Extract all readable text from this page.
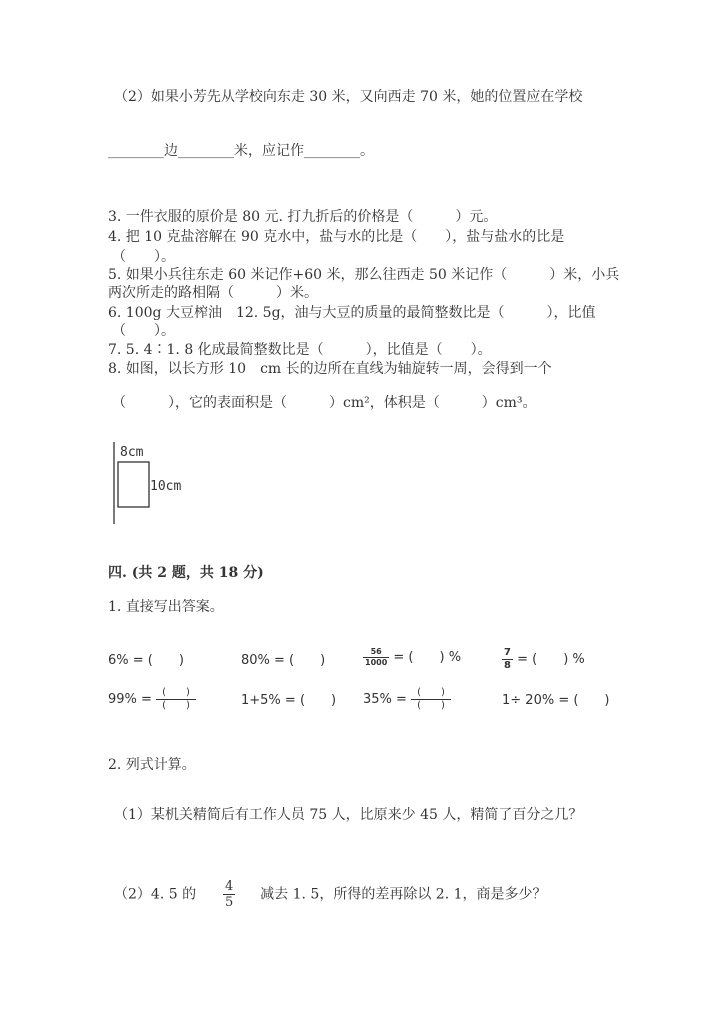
（2）如果小芳先从学校向东走 30 米，又向西走 70 米，她的位置应在学校
________边________米，应记作________。
3. 一件衣服的原价是 80 元. 打九折后的价格是（　　　）元。
4. 把 10 克盐溶解在 90 克水中，盐与水的比是（　　），盐与盐水的比是
（　　）。
5. 如果小兵往东走 60 米记作+60 米，那么往西走 50 米记作（　　　）米，小兵
两次所走的路相隔（　　　）米。
6. 100g 大豆榨油　12. 5g，油与大豆的质量的最简整数比是（　　　），比值
（　　）。
7. 5. 4∶1. 8 化成最简整数比是（　　　），比值是（　　）。
8. 如图，以长方形 10　cm 长的边所在直线为轴旋转一周，会得到一个
（　　　），它的表面积是（　　　）cm²，体积是（　　　）cm³。
8cm
10cm
四. (共 2 题，共 18 分)
1. 直接写出答案。
6% = (　　)	80% = (　　)	$\frac{56}{1000}$ = (　　) %	$\frac{7}{8}$ = (　　) %
$99\% = \frac{( )}{( )}$	1+5% = (　　) $35\% = \frac{( )}{( )}$	1÷ 20% = (　　)
2. 列式计算。
（1）某机关精简后有工作人员 75 人，比原来少 45 人，精简了百分之几？
（2）4. 5 的 $\frac{4}{5}$ 减去 1. 5，所得的差再除以 2. 1，商是多少？
